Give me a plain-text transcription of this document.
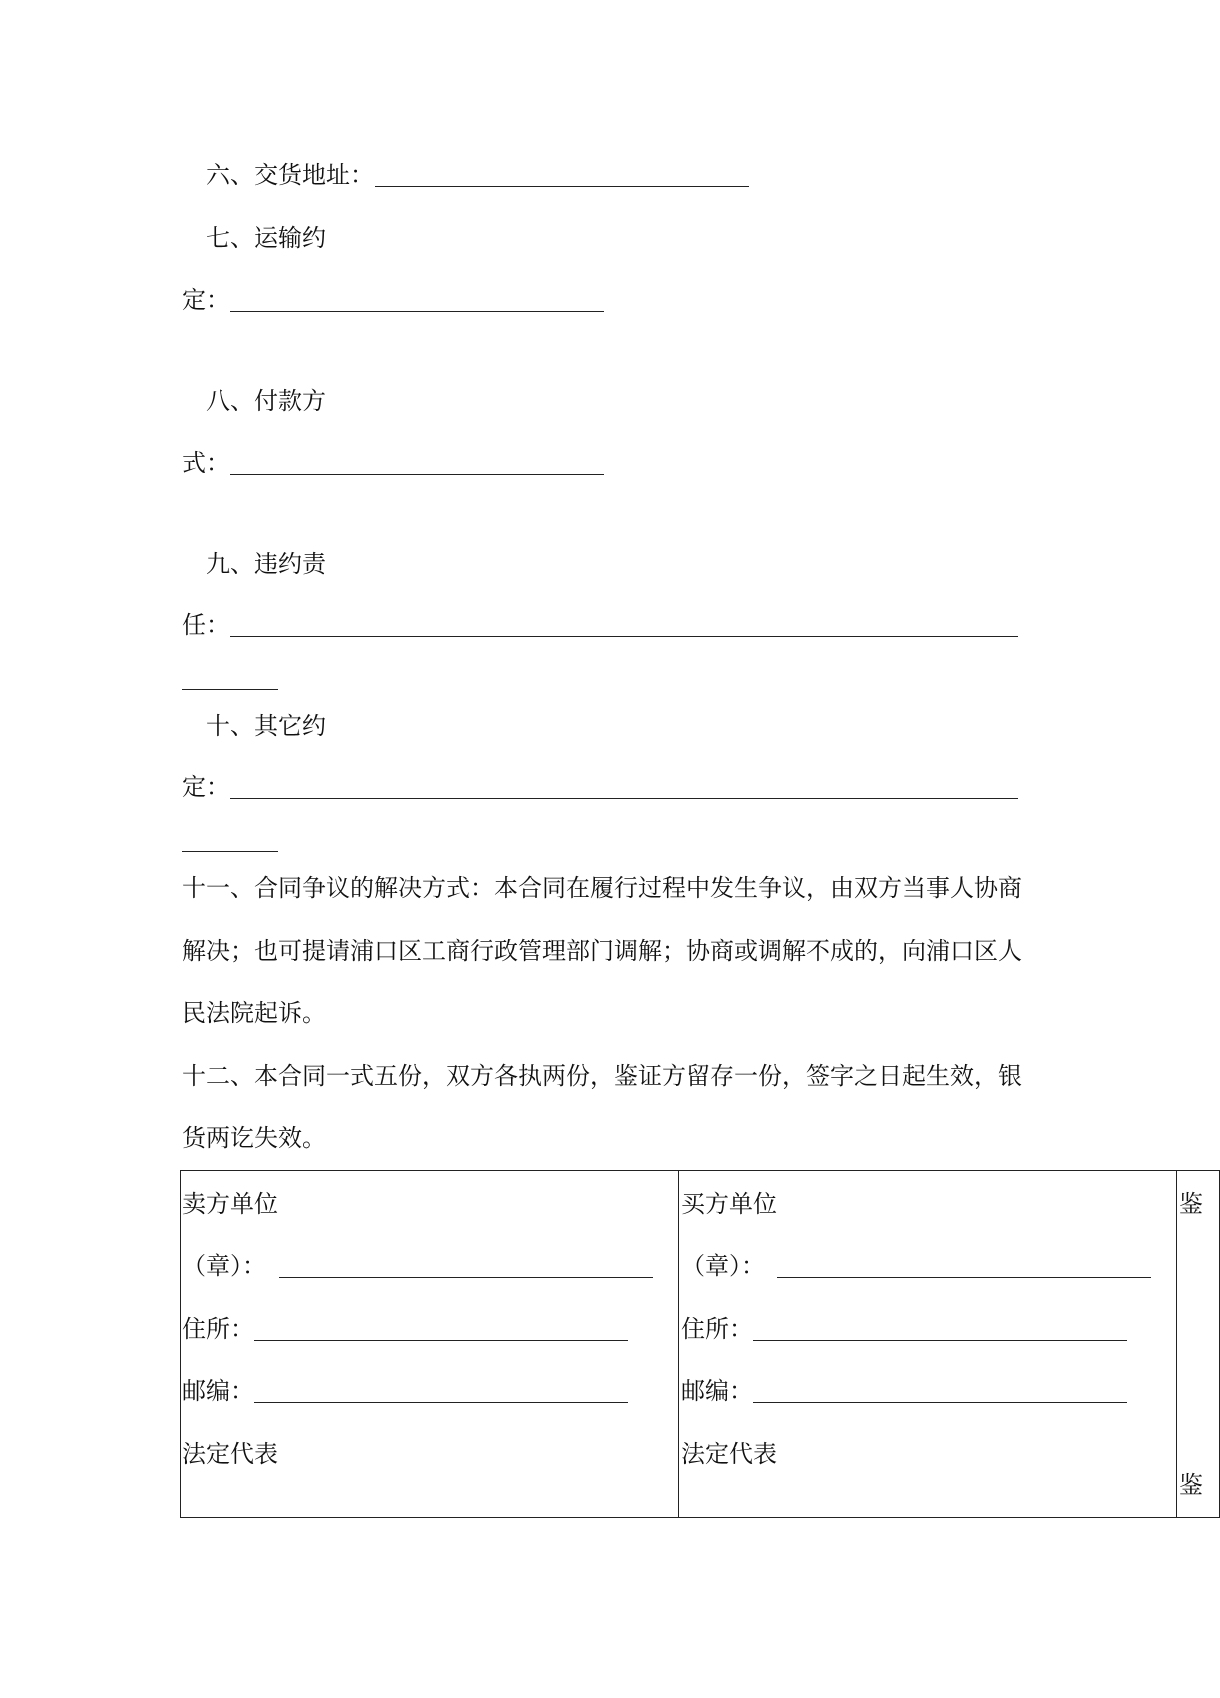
六、交货地址：
七、运输约
定：
八、付款方
式：
九、违约责
任：
十、其它约
定：
十一、合同争议的解决方式：本合同在履行过程中发生争议，由双方当事人协商
解决；也可提请浦口区工商行政管理部门调解；协商或调解不成的，向浦口区人
民法院起诉。
十二、本合同一式五份，双方各执两份，鉴证方留存一份，签字之日起生效，银
货两讫失效。
卖方单位
（章）：
住所：
邮编：
法定代表
买方单位
（章）：
住所：
邮编：
法定代表
鉴
鉴
